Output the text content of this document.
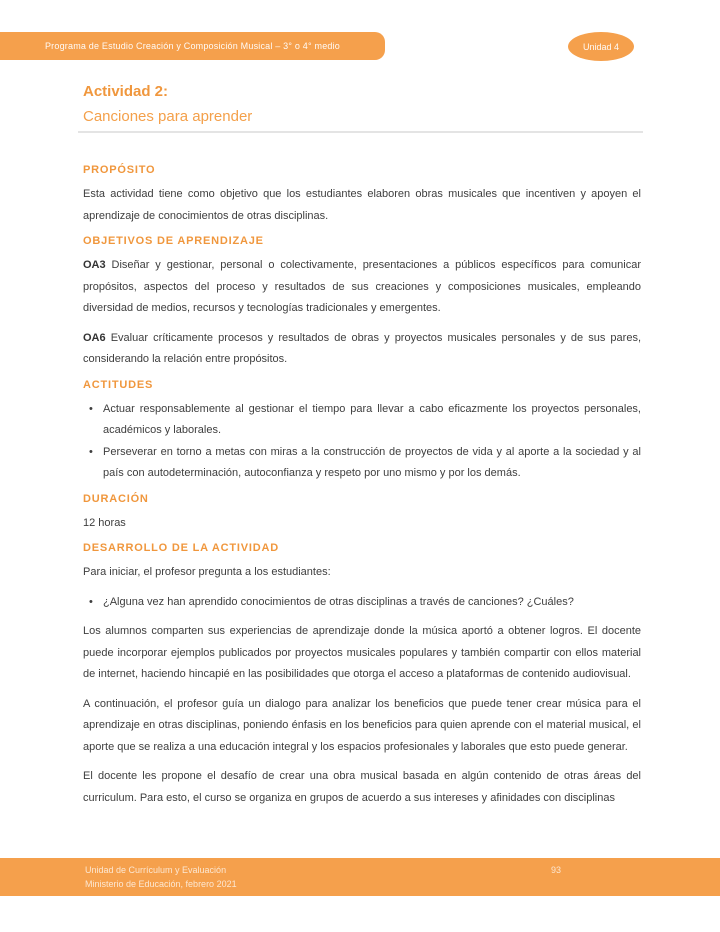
Programa de Estudio Creación y Composición Musical – 3° o 4° medio	Unidad 4
Actividad 2:
Canciones para aprender
PROPÓSITO

Esta actividad tiene como objetivo que los estudiantes elaboren obras musicales que incentiven y apoyen el aprendizaje de conocimientos de otras disciplinas.

OBJETIVOS DE APRENDIZAJE

OA3 Diseñar y gestionar, personal o colectivamente, presentaciones a públicos específicos para comunicar propósitos, aspectos del proceso y resultados de sus creaciones y composiciones musicales, empleando diversidad de medios, recursos y tecnologías tradicionales y emergentes.

OA6 Evaluar críticamente procesos y resultados de obras y proyectos musicales personales y de sus pares, considerando la relación entre propósitos.

ACTITUDES
• Actuar responsablemente al gestionar el tiempo para llevar a cabo eficazmente los proyectos personales, académicos y laborales.
• Perseverar en torno a metas con miras a la construcción de proyectos de vida y al aporte a la sociedad y al país con autodeterminación, autoconfianza y respeto por uno mismo y por los demás.
DURACIÓN

12 horas

DESARROLLO DE LA ACTIVIDAD

Para iniciar, el profesor pregunta a los estudiantes:

• ¿Alguna vez han aprendido conocimientos de otras disciplinas a través de canciones? ¿Cuáles?

Los alumnos comparten sus experiencias de aprendizaje donde la música aportó a obtener logros. El docente puede incorporar ejemplos publicados por proyectos musicales populares y también compartir con ellos material de internet, haciendo hincapié en las posibilidades que otorga el acceso a plataformas de contenido audiovisual.

A continuación, el profesor guía un dialogo para analizar los beneficios que puede tener crear música para el aprendizaje en otras disciplinas, poniendo énfasis en los beneficios para quien aprende con el material musical, el aporte que se realiza a una educación integral y los espacios profesionales y laborales que esto puede generar.

El docente les propone el desafío de crear una obra musical basada en algún contenido de otras áreas del curriculum. Para esto, el curso se organiza en grupos de acuerdo a sus intereses y afinidades con disciplinas

Unidad de Currículum y Evaluación
Ministerio de Educación, febrero 2021
93
